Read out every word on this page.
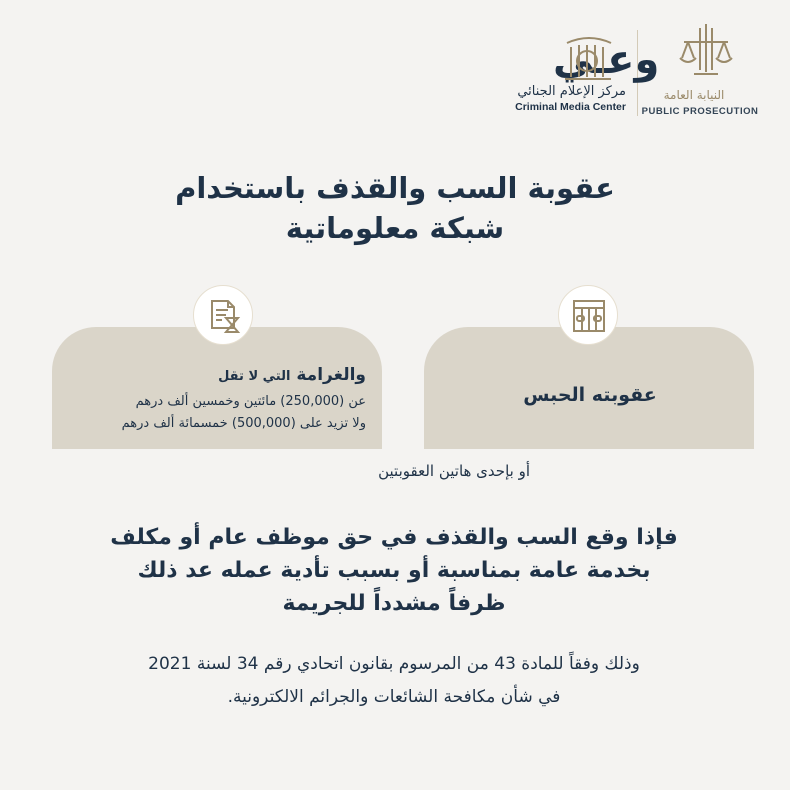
النيابة العامة
PUBLIC PROSECUTION
وعـي
مركز الإعلام الجنائي
Criminal Media Center
عقوبة السب والقذف باستخدام
شبكة معلوماتية
والغرامة التي لا تقل
عن (250,000) مائتين وخمسين ألف درهم
ولا تزيد على (500,000) خمسمائة ألف درهم
عقوبته الحبس
أو بإحدى هاتين العقوبتين
فإذا وقع السب والقذف في حق موظف عام أو مكلف
بخدمة عامة بمناسبة أو بسبب تأدية عمله عد ذلك
ظرفاً مشدداً للجريمة
وذلك وفقاً للمادة 43 من المرسوم بقانون اتحادي رقم 34 لسنة 2021
في شأن مكافحة الشائعات والجرائم الالكترونية.
